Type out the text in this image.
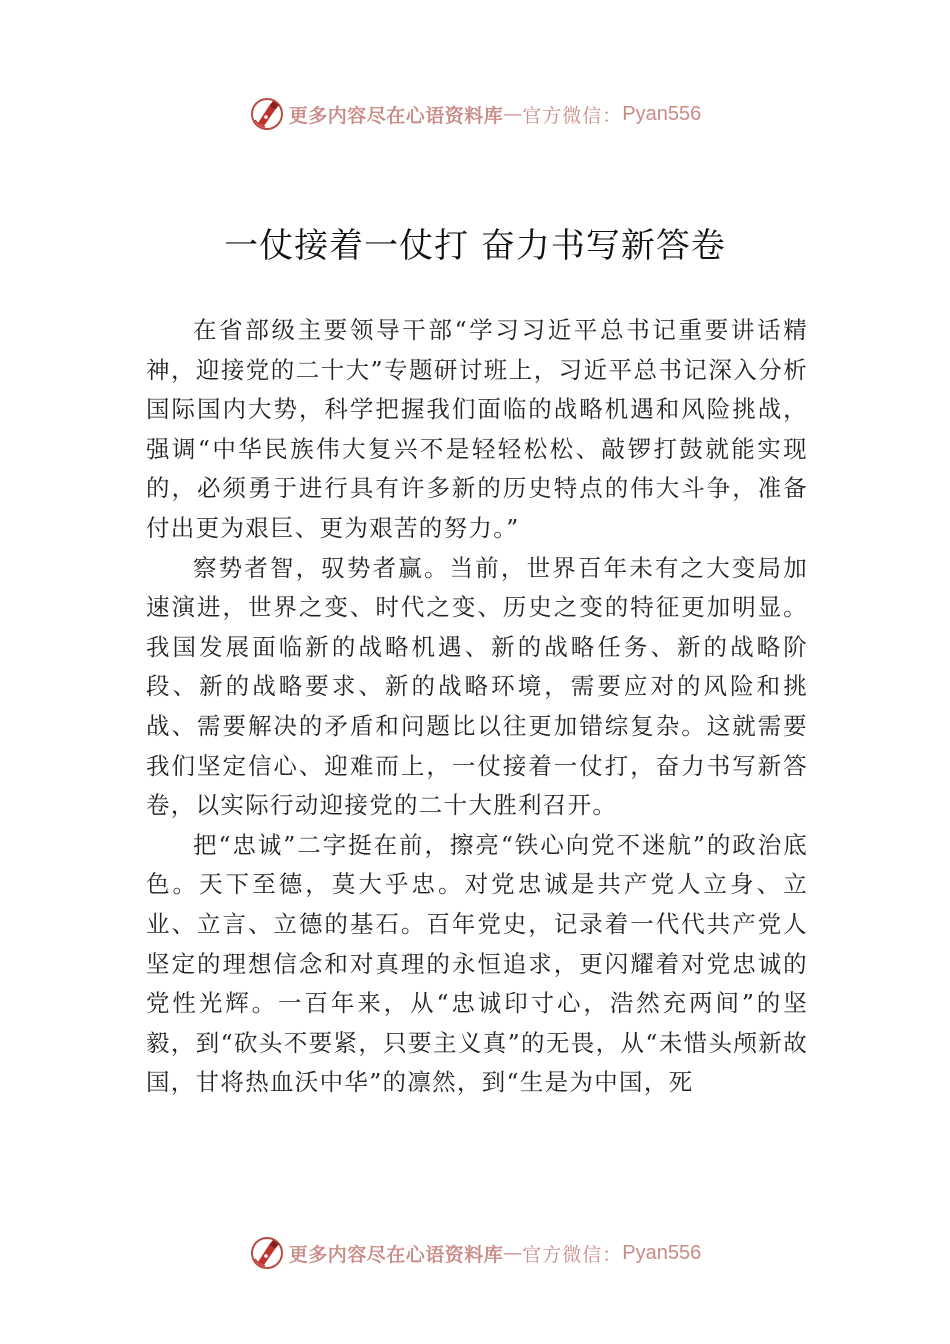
更多内容尽在心语资料库 — 官方微信： Pyan556
一仗接着一仗打 奋力书写新答卷

在省部级主要领导干部“学习习近平总书记重要讲话精神，迎接党的二十大”专题研讨班上，习近平总书记深入分析国际国内大势，科学把握我们面临的战略机遇和风险挑战，强调“中华民族伟大复兴不是轻轻松松、敲锣打鼓就能实现的，必须勇于进行具有许多新的历史特点的伟大斗争，准备付出更为艰巨、更为艰苦的努力。”

察势者智，驭势者赢。当前，世界百年未有之大变局加速演进，世界之变、时代之变、历史之变的特征更加明显。我国发展面临新的战略机遇、新的战略任务、新的战略阶段、新的战略要求、新的战略环境，需要应对的风险和挑战、需要解决的矛盾和问题比以往更加错综复杂。这就需要我们坚定信心、迎难而上，一仗接着一仗打，奋力书写新答卷，以实际行动迎接党的二十大胜利召开。

把“忠诚”二字挺在前，擦亮“铁心向党不迷航”的政治底色。天下至德，莫大乎忠。对党忠诚是共产党人立身、立业、立言、立德的基石。百年党史，记录着一代代共产党人坚定的理想信念和对真理的永恒追求，更闪耀着对党忠诚的党性光辉。一百年来，从“忠诚印寸心，浩然充两间”的坚毅，到“砍头不要紧，只要主义真”的无畏，从“未惜头颅新故国，甘将热血沃中华”的凛然，到“生是为中国，死

更多内容尽在心语资料库 — 官方微信： Pyan556
